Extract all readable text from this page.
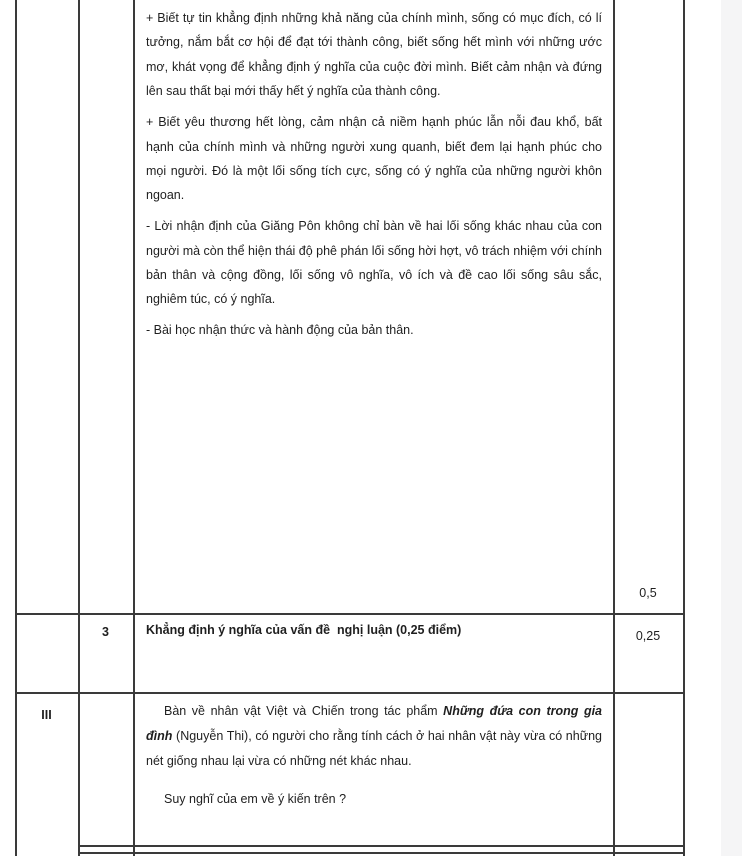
+ Biết tự tin khẳng định những khả năng của chính mình, sống có mục đích, có lí tưởng, nắm bắt cơ hội để đạt tới thành công, biết sống hết mình với những ước mơ, khát vọng để khẳng định ý nghĩa của cuộc đời mình. Biết cảm nhận và đứng lên sau thất bại mới thấy hết ý nghĩa của thành công.

+ Biết yêu thương hết lòng, cảm nhận cả niềm hạnh phúc lẫn nỗi đau khổ, bất hạnh của chính mình và những người xung quanh, biết đem lại hạnh phúc cho mọi người. Đó là một lối sống tích cực, sống có ý nghĩa của những người khôn ngoan.

- Lời nhận định của Giăng Pôn không chỉ bàn về hai lối sống khác nhau của con người mà còn thể hiện thái độ phê phán lối sống hời hợt, vô trách nhiệm với chính bản thân và cộng đồng, lối sống vô nghĩa, vô ích và đề cao lối sống sâu sắc, nghiêm túc, có ý nghĩa.

- Bài học nhận thức và hành động của bản thân.

0,5
3	Khẳng định ý nghĩa của vấn đề  nghị luận (0,25 điểm)	0,25
III	Bàn về nhân vật Việt và Chiến trong tác phẩm Những đứa con trong gia đình (Nguyễn Thi), có người cho rằng tính cách ở hai nhân vật này vừa có những nét giống nhau lại vừa có những nét khác nhau.

Suy nghĩ của em về ý kiến trên ?
